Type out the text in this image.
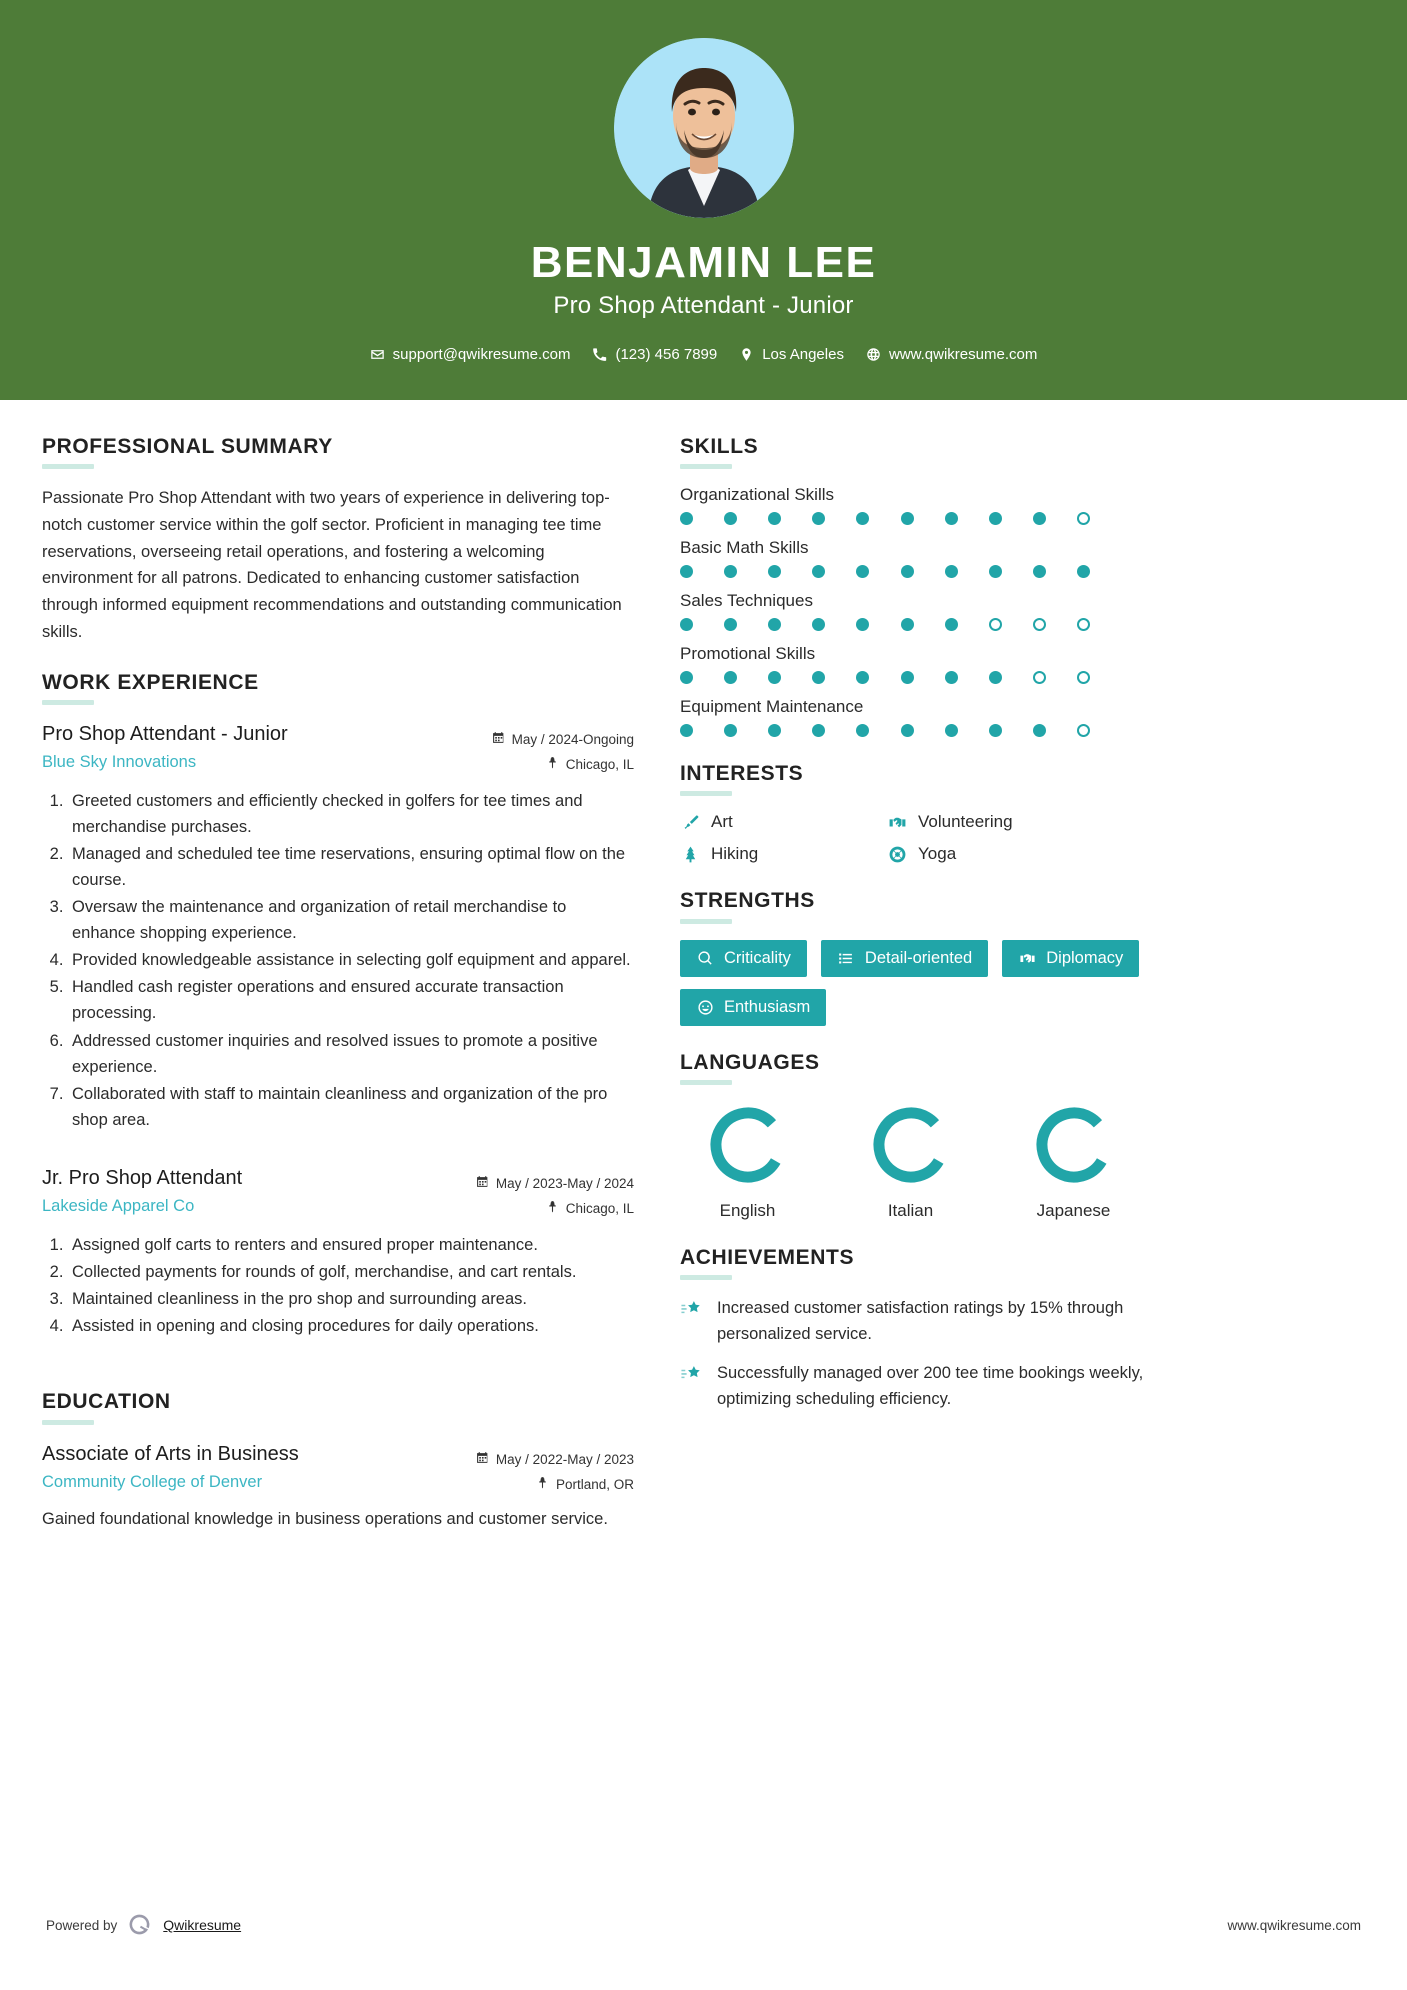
BENJAMIN LEE
Pro Shop Attendant - Junior
support@qwikresume.com	(123) 456 7899	Los Angeles	www.qwikresume.com
PROFESSIONAL SUMMARY
Passionate Pro Shop Attendant with two years of experience in delivering top-notch customer service within the golf sector. Proficient in managing tee time reservations, overseeing retail operations, and fostering a welcoming environment for all patrons. Dedicated to enhancing customer satisfaction through informed equipment recommendations and outstanding communication skills.
WORK EXPERIENCE
Pro Shop Attendant - Junior
Blue Sky Innovations
May / 2024-Ongoing
Chicago, IL
1. Greeted customers and efficiently checked in golfers for tee times and merchandise purchases.
2. Managed and scheduled tee time reservations, ensuring optimal flow on the course.
3. Oversaw the maintenance and organization of retail merchandise to enhance shopping experience.
4. Provided knowledgeable assistance in selecting golf equipment and apparel.
5. Handled cash register operations and ensured accurate transaction processing.
6. Addressed customer inquiries and resolved issues to promote a positive experience.
7. Collaborated with staff to maintain cleanliness and organization of the pro shop area.
Jr. Pro Shop Attendant
Lakeside Apparel Co
May / 2023-May / 2024
Chicago, IL
1. Assigned golf carts to renters and ensured proper maintenance.
2. Collected payments for rounds of golf, merchandise, and cart rentals.
3. Maintained cleanliness in the pro shop and surrounding areas.
4. Assisted in opening and closing procedures for daily operations.
EDUCATION
Associate of Arts in Business
Community College of Denver
May / 2022-May / 2023
Portland, OR
Gained foundational knowledge in business operations and customer service.
SKILLS
Organizational Skills
Basic Math Skills
Sales Techniques
Promotional Skills
Equipment Maintenance
INTERESTS
Art	Volunteering
Hiking	Yoga
STRENGTHS
Criticality	Detail-oriented	Diplomacy
Enthusiasm
LANGUAGES
English	Italian	Japanese
ACHIEVEMENTS
Increased customer satisfaction ratings by 15% through personalized service.
Successfully managed over 200 tee time bookings weekly, optimizing scheduling efficiency.
Powered by	Qwikresume	www.qwikresume.com
